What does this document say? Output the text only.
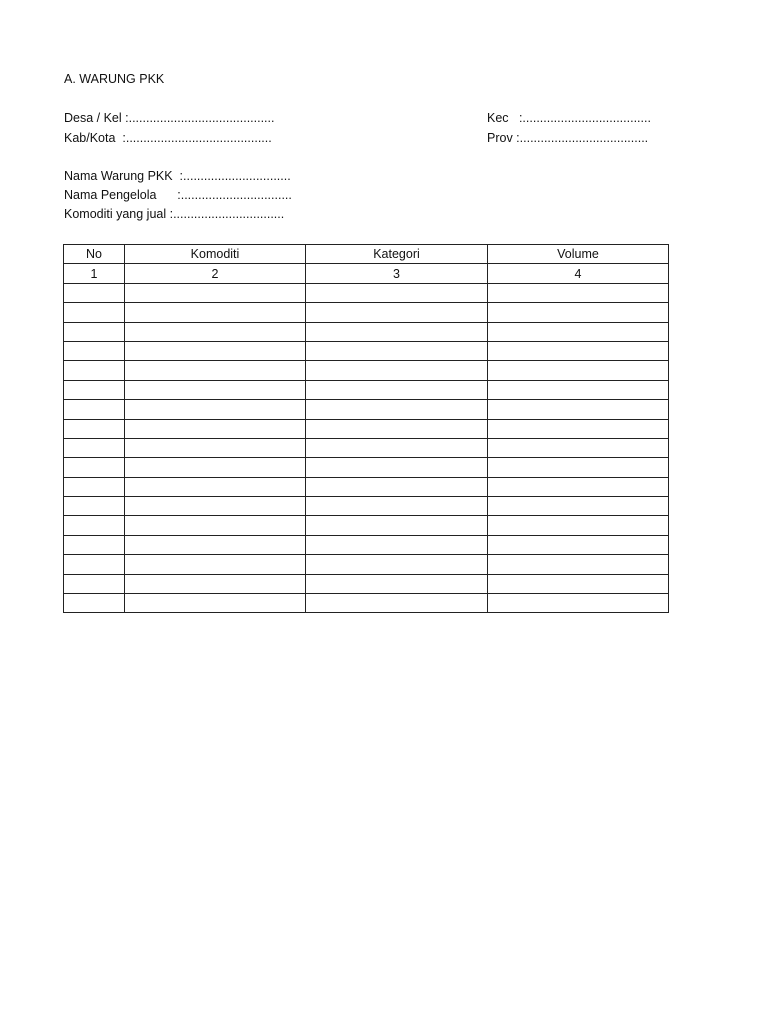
A. WARUNG PKK
Desa / Kel :..........................................
Kab/Kota  :..........................................
Kec   :.....................................
Prov :.....................................
Nama Warung PKK  :...............................
Nama Pengelola      :................................
Komoditi yang jual :................................
No	Komoditi	Kategori	Volume
1	2	3	4
